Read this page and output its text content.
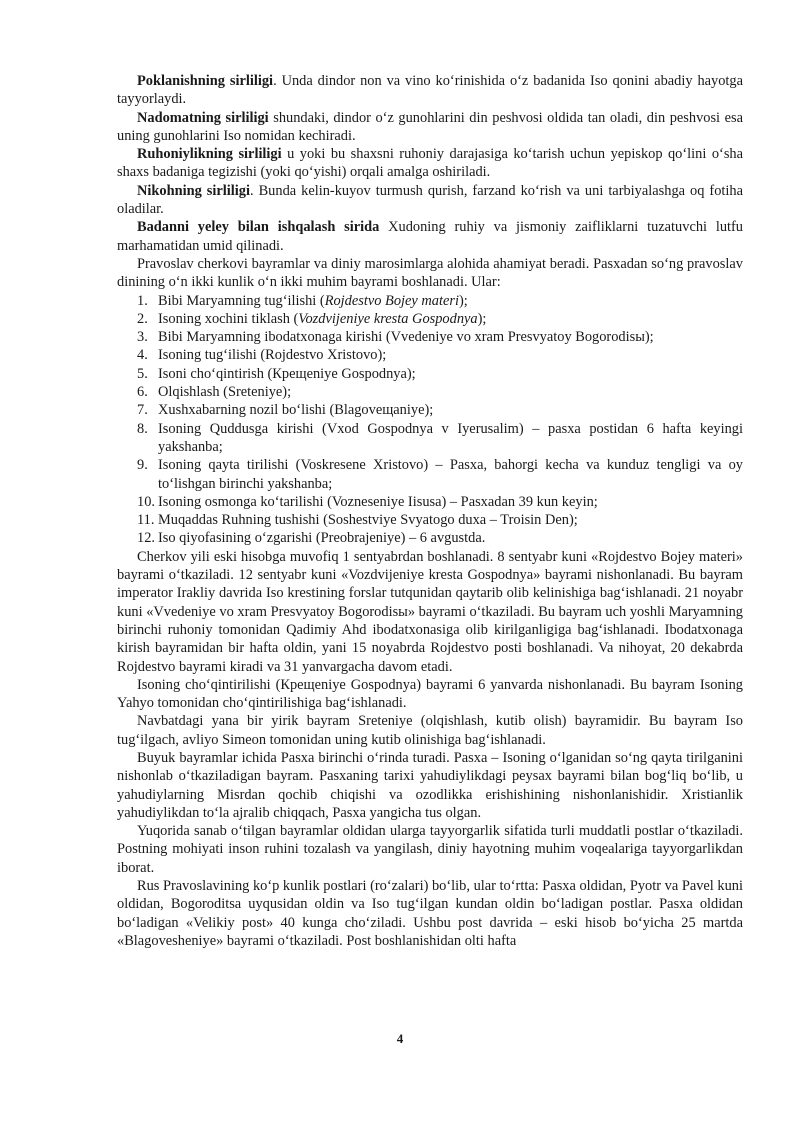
Poklanishning sirliligi. Unda dindor non va vino ko‘rinishida o‘z badanida Iso qonini abadiy hayotga tayyorlaydi.

Nadomatning sirliligi shundaki, dindor o‘z gunohlarini din peshvosi oldida tan oladi, din peshvosi esa uning gunohlarini Iso nomidan kechiradi.

Ruhoniylikning sirliligi u yoki bu shaxsni ruhoniy darajasiga ko‘tarish uchun yepiskop qo‘lini o‘sha shaxs badaniga tegizishi (yoki qo‘yishi) orqali amalga oshiriladi.

Nikohning sirliligi. Bunda kelin-kuyov turmush qurish, farzand ko‘rish va uni tarbiyalashga oq fotiha oladilar.

Badanni yeley bilan ishqalash sirida Xudoning ruhiy va jismoniy zaifliklarni tuzatuvchi lutfu marhamatidan umid qilinadi.

Pravoslav cherkovi bayramlar va diniy marosimlarga alohida ahamiyat beradi. Pasxadan so‘ng pravoslav dinining o‘n ikki kunlik o‘n ikki muhim bayrami boshlanadi. Ular:

1. Bibi Maryamning tug‘ilishi (Rojdestvo Bojey materi);
2. Isoning xochini tiklash (Vozdvijeniye kresta Gospodnya);
3. Bibi Maryamning ibodatxonaga kirishi (Vvedeniye vo xram Presvyatoy Bogorodisы);
4. Isoning tug‘ilishi (Rojdestvo Xristovo);
5. Isoni cho‘qintirish (Крещеniye Gospodnya);
6. Olqishlash (Sreteniye);
7. Xushxabarning nozil bo‘lishi (Blagoveщaniye);
8. Isoning Quddusga kirishi (Vxod Gospodnya v Iyerusalim) – pasxa postidan 6 hafta keyingi yakshanba;
9. Isoning qayta tirilishi (Voskresene Xristovo) – Pasxa, bahorgi kecha va kunduz tengligi va oy to‘lishgan birinchi yakshanba;
10. Isoning osmonga ko‘tarilishi (Vozneseniye Iisusa) – Pasxadan 39 kun keyin;
11. Muqaddas Ruhning tushishi (Soshestviye Svyatogo duxa – Troisin Den);
12. Iso qiyofasining o‘zgarishi (Preobrajeniye) – 6 avgustda.

Cherkov yili eski hisobga muvofiq 1 sentyabrdan boshlanadi. 8 sentyabr kuni «Rojdestvo Bojey materi» bayrami o‘tkaziladi. 12 sentyabr kuni «Vozdvijeniye kresta Gospodnya» bayrami nishonlanadi. Bu bayram imperator Irakliy davrida Iso krestining forslar tutqunidan qaytarib olib kelinishiga bag‘ishlanadi. 21 noyabr kuni «Vvedeniye vo xram Presvyatoy Bogorodisы» bayrami o‘tkaziladi. Bu bayram uch yoshli Maryamning birinchi ruhoniy tomonidan Qadimiy Ahd ibodatxonasiga olib kirilganligiga bag‘ishlanadi. Ibodatxonaga kirish bayramidan bir hafta oldin, yani 15 noyabrda Rojdestvo posti boshlanadi. Va nihoyat, 20 dekabrda Rojdestvo bayrami kiradi va 31 yanvargacha davom etadi.

Isoning cho‘qintirilishi (Крещеniye Gospodnya) bayrami 6 yanvarda nishonlanadi. Bu bayram Isoning Yahyo tomonidan cho‘qintirilishiga bag‘ishlanadi.

Navbatdagi yana bir yirik bayram Sreteniye (olqishlash, kutib olish) bayramidir. Bu bayram Iso tug‘ilgach, avliyo Simeon tomonidan uning kutib olinishiga bag‘ishlanadi.

Buyuk bayramlar ichida Pasxa birinchi o‘rinda turadi. Pasxa – Isoning o‘lganidan so‘ng qayta tirilganini nishonlab o‘tkaziladigan bayram. Pasxaning tarixi yahudiylikdagi peysax bayrami bilan bog‘liq bo‘lib, u yahudiylarning Misrdan qochib chiqishi va ozodlikka erishishining nishonlanishidir. Xristianlik yahudiylikdan to‘la ajralib chiqqach, Pasxa yangicha tus olgan.

Yuqorida sanab o‘tilgan bayramlar oldidan ularga tayyorgarlik sifatida turli muddatli postlar o‘tkaziladi. Postning mohiyati inson ruhini tozalash va yangilash, diniy hayotning muhim voqealariga tayyorgarlikdan iborat.

Rus Pravoslavining ko‘p kunlik postlari (ro‘zalari) bo‘lib, ular to‘rtta: Pasxa oldidan, Pyotr va Pavel kuni oldidan, Bogoroditsa uyqusidan oldin va Iso tug‘ilgan kundan oldin bo‘ladigan postlar. Pasxa oldidan bo‘ladigan «Velikiy post» 40 kunga cho‘ziladi. Ushbu post davrida – eski hisob bo‘yicha 25 martda «Blagovesheniye» bayrami o‘tkaziladi. Post boshlanishidan olti hafta

4
